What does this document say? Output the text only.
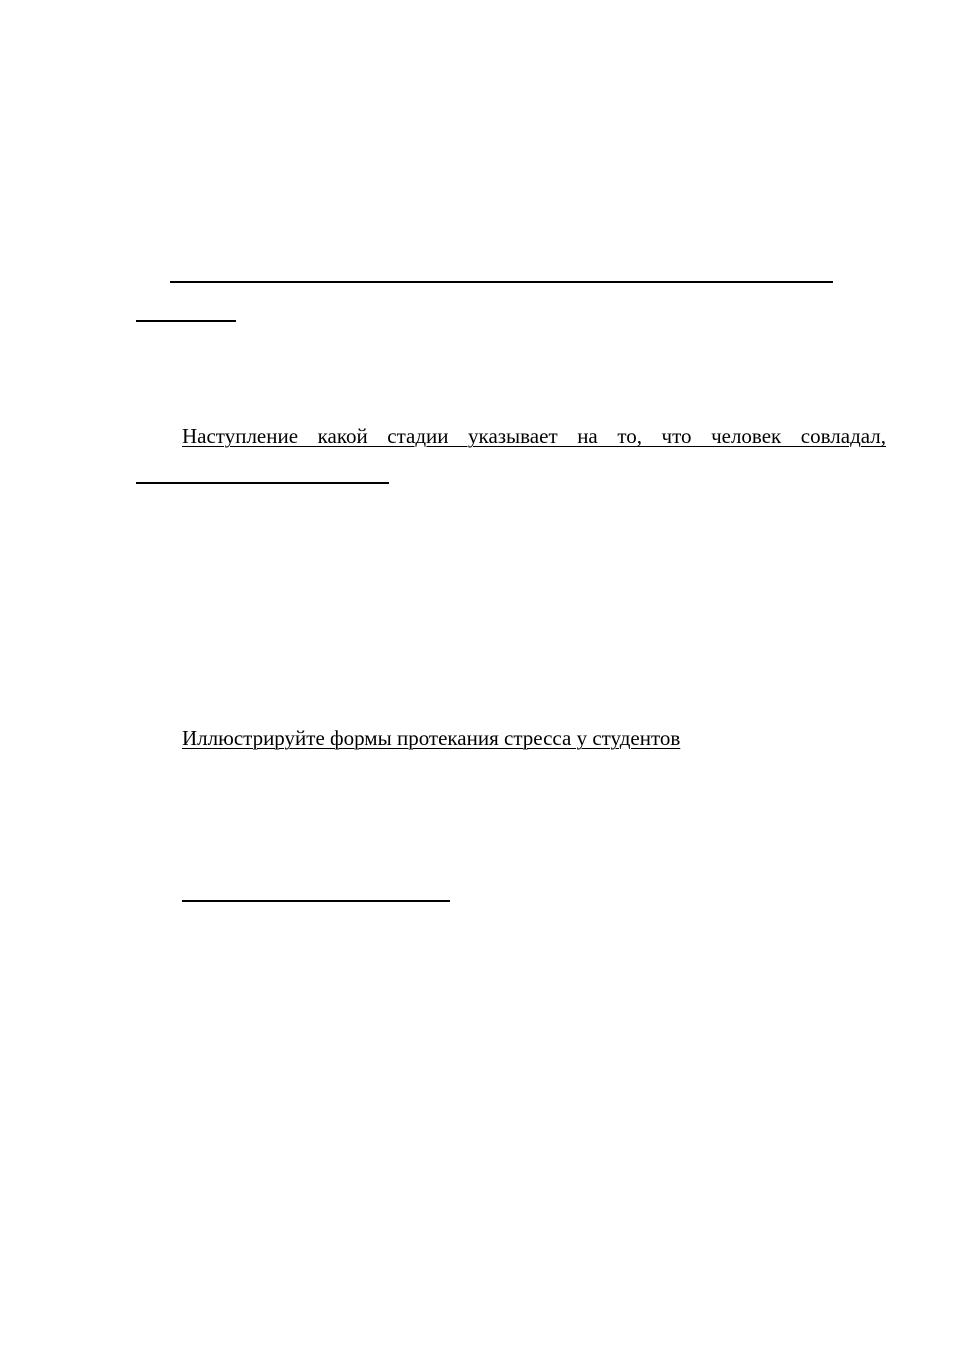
Наступление какой стадии указывает на то, что человек совладал,

Иллюстрируйте формы протекания стресса у студентов
